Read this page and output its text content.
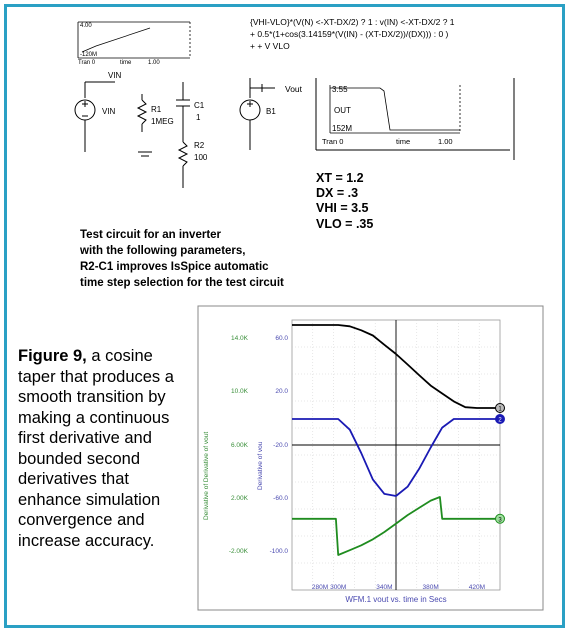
4.00
-120M
Tran 0	time	1.00
{VHI-VLO}*(V(N) <-XT-DX/2) ? 1 : v(IN) <-XT-DX/2 ? 1
+ 0.5*(1+cos(3.14159*(V(IN) - (XT-DX/2))/(DX))) : 0 )
+ + V VLO
VIN
VIN	R1
1MEG
C1
1
R2
100
B1
Vout	3.55
OUT
152M
Tran 0	time	1.00
XT = 1.2
DX = .3
VHI = 3.5
VLO = .35
Test circuit for an inverter
with the following parameters,
R2-C1 improves IsSpice automatic
time step selection for the test circuit
280M 300M	340M	380M	420M
14.0K
10.0K
6.00K
2.00K
-2.00K
60.0
20.0
-20.0
-60.0
-100.0
1
2
3
WFM.1 vout vs. time in Secs
Derivative of Derivative of vout	Derivative of vou
Figure 9, a cosine taper that produces a smooth transition by making a continuous first derivative and bounded second derivatives that enhance simulation convergence and increase accuracy.
